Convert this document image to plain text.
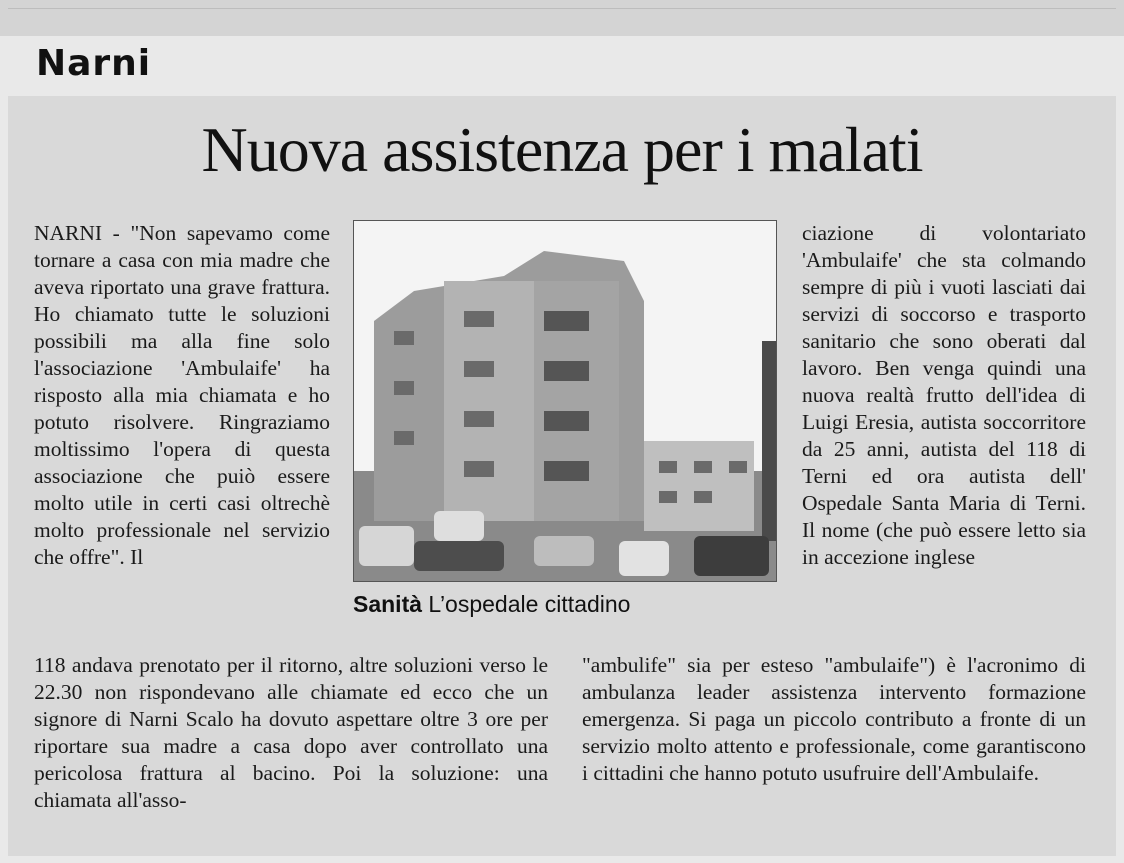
Narni
Nuova assistenza per i malati

NARNI - "Non sapevamo come tornare a casa con mia madre che aveva riportato una grave frattura. Ho chiamato tutte le soluzioni possibili ma alla fine solo l'associazione 'Ambulaife' ha risposto alla mia chiamata e ho potuto risolvere. Ringraziamo moltissimo l'opera di questa associazione che puiò essere molto utile in certi casi oltrechè molto professionale nel servizio che offre". Il

Sanità L’ospedale cittadino

ciazione di volontariato 'Ambulaife' che sta colmando sempre di più i vuoti lasciati dai servizi di soccorso e trasporto sanitario che sono oberati dal lavoro. Ben venga quindi una nuova realtà frutto dell'idea di Luigi Eresia, autista soccorritore da 25 anni, autista del 118 di Terni ed ora autista dell' Ospedale Santa Maria di Terni. Il nome (che può essere letto sia in accezione inglese

118 andava prenotato per il ritorno, altre soluzioni verso le 22.30 non rispondevano alle chiamate ed ecco che un signore di Narni Scalo ha dovuto aspettare oltre 3 ore per riportare sua madre a casa dopo aver controllato una pericolosa frattura al bacino. Poi la soluzione: una chiamata all'asso-

"ambulife" sia per esteso "ambulaife") è l'acronimo di ambulanza leader assistenza intervento formazione emergenza. Si paga un piccolo contributo a fronte di un servizio molto attento e professionale, come garantiscono i cittadini che hanno potuto usufruire dell'Ambulaife.
